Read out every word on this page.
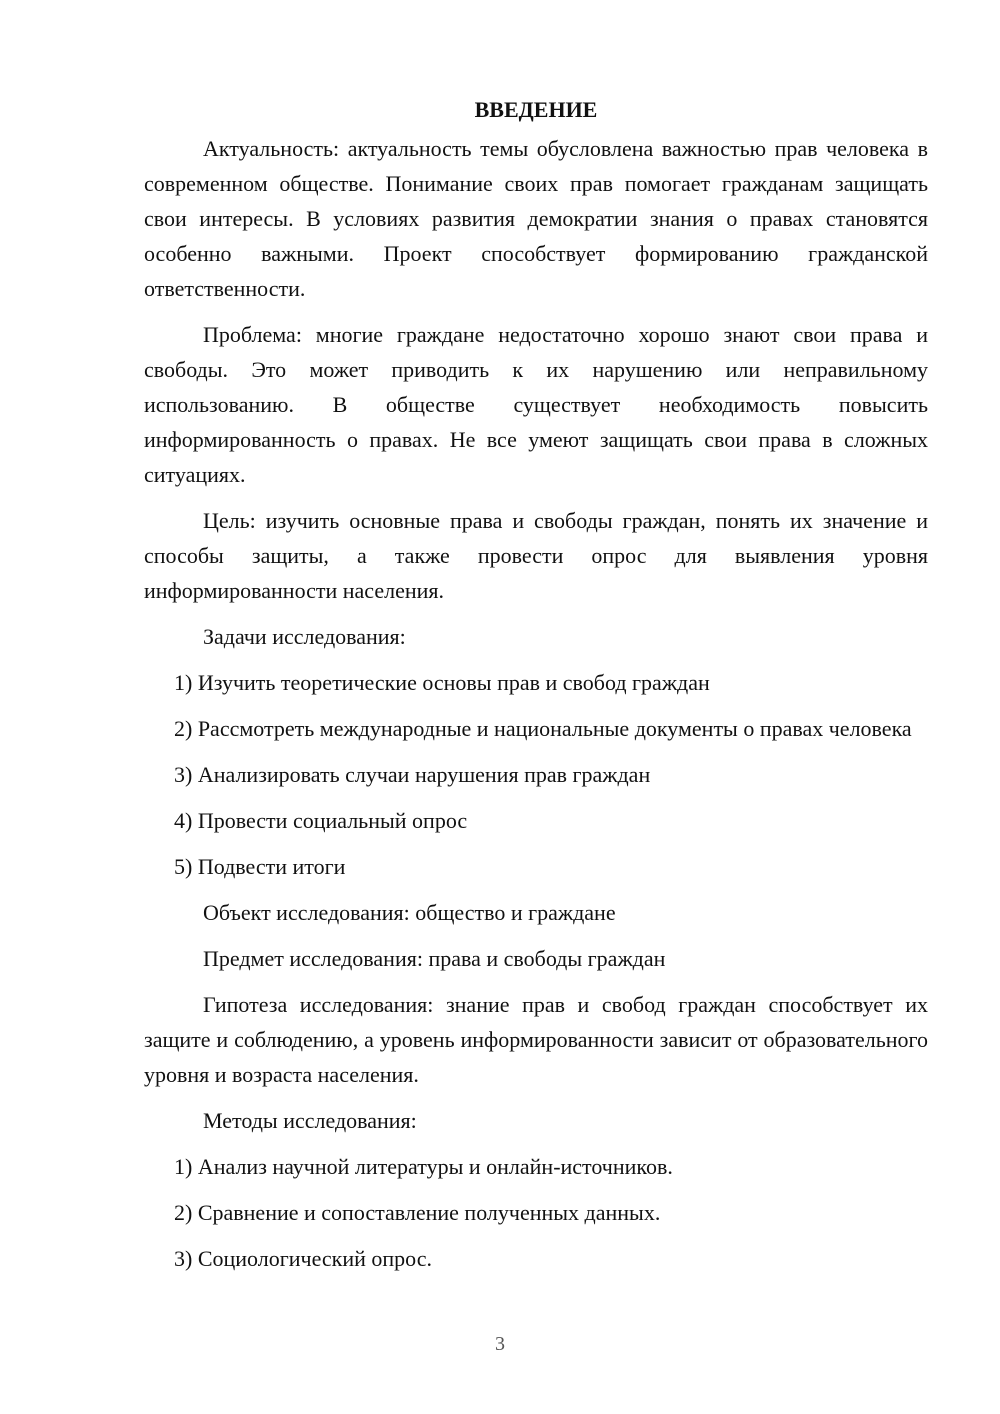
ВВЕДЕНИЕ

Актуальность: актуальность темы обусловлена важностью прав человека в современном обществе. Понимание своих прав помогает гражданам защищать свои интересы. В условиях развития демократии знания о правах становятся особенно важными. Проект способствует формированию гражданской ответственности.

Проблема: многие граждане недостаточно хорошо знают свои права и свободы. Это может приводить к их нарушению или неправильному использованию. В обществе существует необходимость повысить информированность о правах. Не все умеют защищать свои права в сложных ситуациях.

Цель: изучить основные права и свободы граждан, понять их значение и способы защиты, а также провести опрос для выявления уровня информированности населения.

Задачи исследования:

1) Изучить теоретические основы прав и свобод граждан

2) Рассмотреть международные и национальные документы о правах человека

3) Анализировать случаи нарушения прав граждан

4) Провести социальный опрос

5) Подвести итоги

Объект исследования: общество и граждане

Предмет исследования: права и свободы граждан

Гипотеза исследования: знание прав и свобод граждан способствует их защите и соблюдению, а уровень информированности зависит от образовательного уровня и возраста населения.

Методы исследования:

1) Анализ научной литературы и онлайн-источников.

2) Сравнение и сопоставление полученных данных.

3) Социологический опрос.

3
